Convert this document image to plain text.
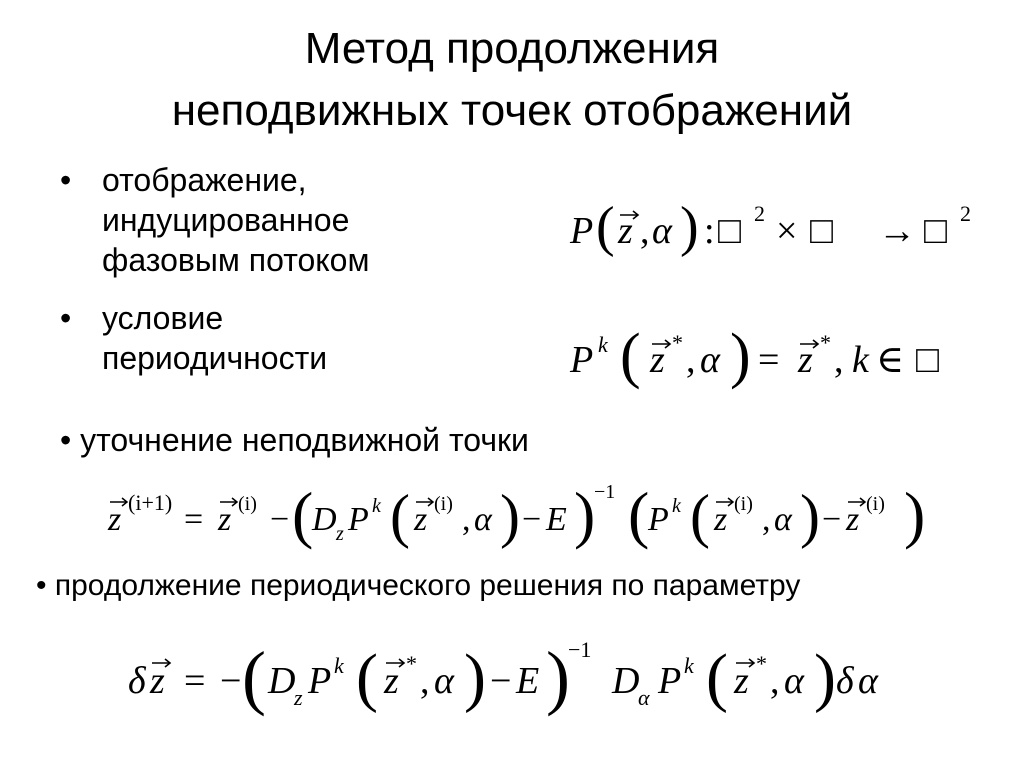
Метод продолжения
неподвижных точек отображений
• отображение,
индуцированное
фазовым потоком
• условие
периодичности
• уточнение неподвижной точки
• продолжение периодического решения по параметру
P ( z , α ) : □ 2 × □ → □ 2
P k ( z * , α ) = z * , k ∈ □
z (i+1) = z (i) − (
D z P k ( z (i) , α ) − E )
−1 (
P k ( z (i) , α ) − z (i) )
δ z = − ( D
z P k ( z * , α ) − E )
−1
D
α P k ( z * , α ) δ α
